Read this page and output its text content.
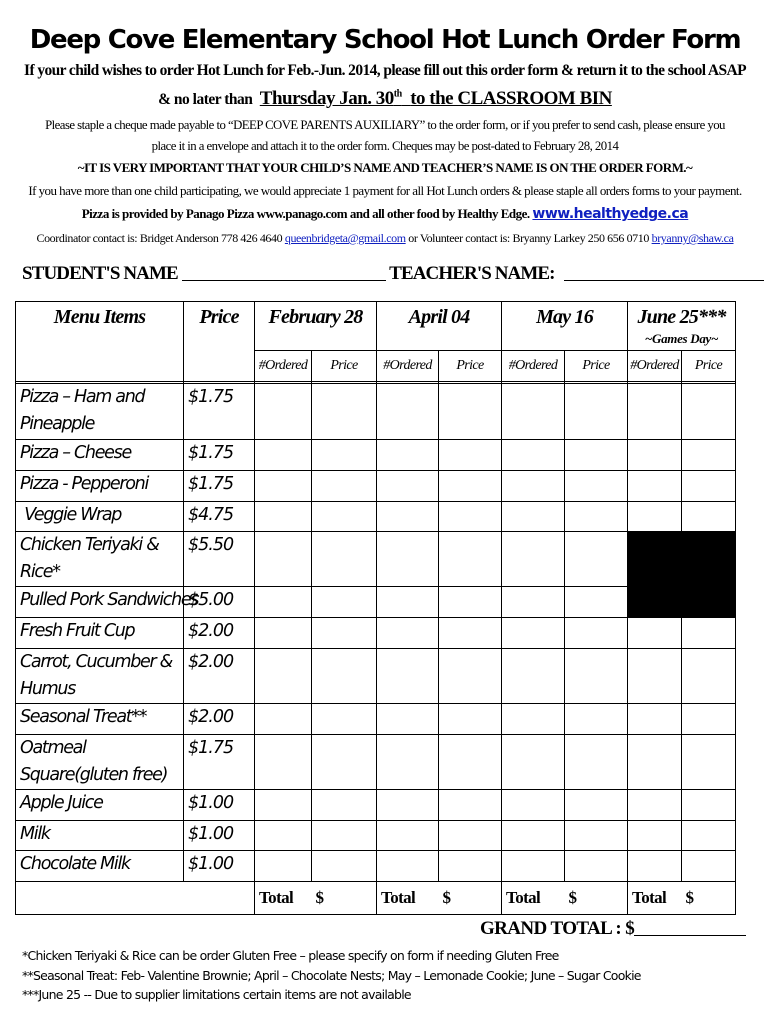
Deep Cove Elementary School Hot Lunch Order Form
If your child wishes to order Hot Lunch for Feb.-Jun. 2014, please fill out this order form & return it to the school ASAP
& no later than Thursday Jan. 30th to the CLASSROOM BIN
Please staple a cheque made payable to “DEEP COVE PARENTS AUXILIARY” to the order form, or if you prefer to send cash, please ensure you
place it in a envelope and attach it to the order form. Cheques may be post-dated to February 28, 2014
~IT IS VERY IMPORTANT THAT YOUR CHILD’S NAME AND TEACHER’S NAME IS ON THE ORDER FORM.~
If you have more than one child participating, we would appreciate 1 payment for all Hot Lunch orders & please staple all orders forms to your payment.
Pizza is provided by Panago Pizza www.panago.com and all other food by Healthy Edge. www.healthyedge.ca
Coordinator contact is: Bridget Anderson 778 426 4640 queenbridgeta@gmail.com or Volunteer contact is: Bryanny Larkey 250 656 0710 bryanny@shaw.ca
STUDENT'S NAME	TEACHER'S NAME:
Menu Items	Price	February 28		April 04		May 16		June 25***
~Games Day~	

		#Ordered	Price	#Ordered	Price	#Ordered	Price	#Ordered	Price

Pizza – Ham and Pineapple	$1.75								
Pizza – Cheese	$1.75								
Pizza - Pepperoni	$1.75								
Veggie Wrap	$4.75								
Chicken Teriyaki & Rice*	$5.50								
Pulled Pork Sandwiches	$5.00								
Fresh Fruit Cup	$2.00								
Carrot, Cucumber & Humus	$2.00								
Seasonal Treat**	$2.00								
Oatmeal Square(gluten free)	$1.75								
Apple Juice	$1.00								
Milk	$1.00								
Chocolate Milk	$1.00								
		Total	$	Total	$	Total	$	Total	$
GRAND TOTAL : $
*Chicken Teriyaki & Rice can be order Gluten Free – please specify on form if needing Gluten Free
**Seasonal Treat: Feb- Valentine Brownie; April – Chocolate Nests; May – Lemonade Cookie; June – Sugar Cookie
***June 25 -- Due to supplier limitations certain items are not available
